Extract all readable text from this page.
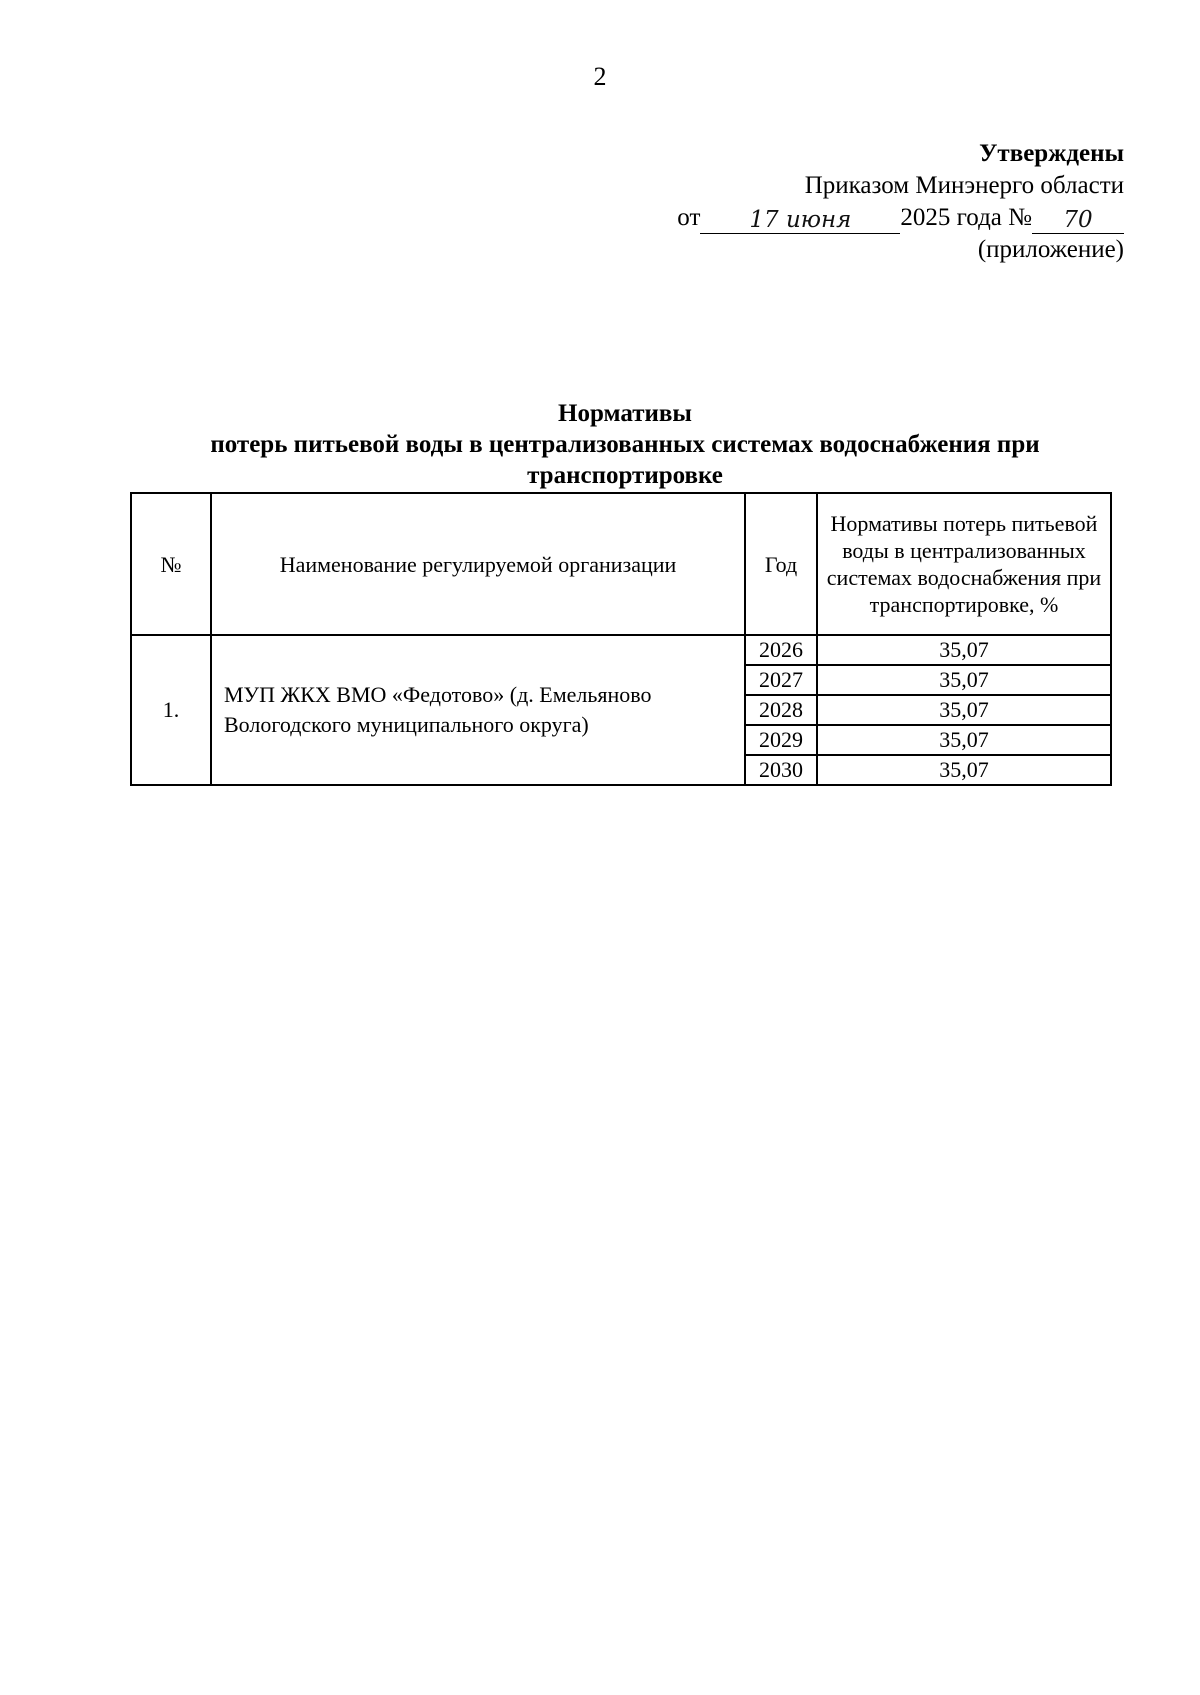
2
Утверждены
Приказом Минэнерго области
от 17 июня 2025 года № 70
(приложение)
Нормативы
потерь питьевой воды в централизованных системах водоснабжения при
транспортировке
№	Наименование регулируемой организации	Год	Нормативы потерь питьевой воды в централизованных системах водоснабжения при транспортировке, %
1.	МУП ЖКХ ВМО «Федотово» (д. Емельяново Вологодского муниципального округа)	2026	35,07
		2027	35,07
		2028	35,07
		2029	35,07
		2030	35,07
